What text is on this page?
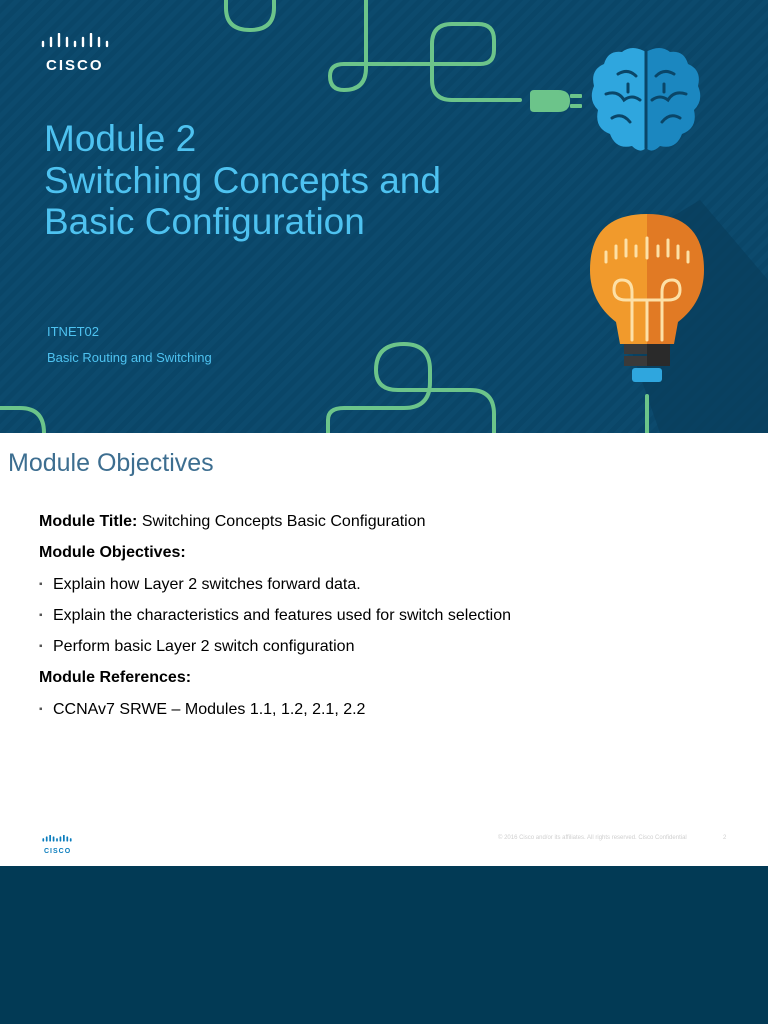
CISCO
Module 2
Switching Concepts and
Basic Configuration
ITNET02
Basic Routing and Switching
Module Objectives
Module Title: Switching Concepts Basic Configuration
Module Objectives:
▪ Explain how Layer 2 switches forward data.
▪ Explain the characteristics and features used for switch selection
▪ Perform basic Layer 2 switch configuration
Module References:
▪ CCNAv7 SRWE – Modules 1.1, 1.2, 2.1, 2.2
CISCO
© 2016 Cisco and/or its affiliates. All rights reserved. Cisco Confidential	2
